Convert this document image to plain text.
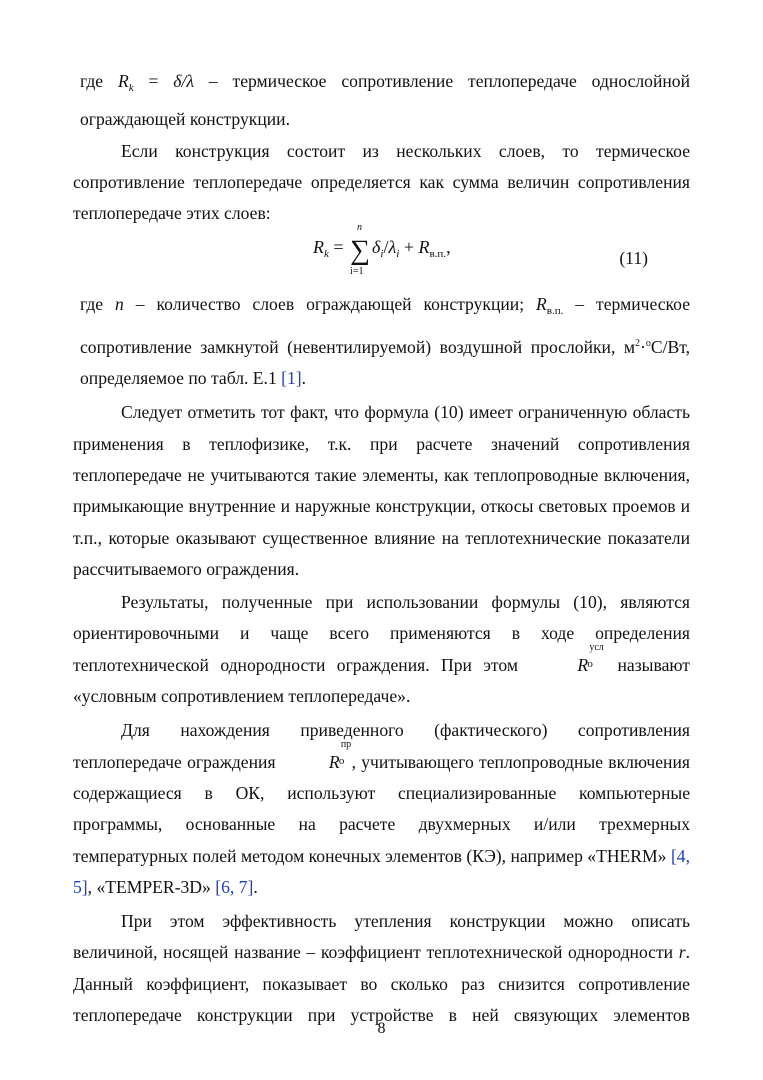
где $R_k = \delta/\lambda$ – термическое сопротивление теплопередаче однослойной ограждающей конструкции.

Если конструкция состоит из нескольких слоев, то термическое сопротивление теплопередаче определяется как сумма величин сопротивления теплопередаче этих слоев:

$R_k$ =
n
∑
i=1
$\delta_i/\lambda_i + R_{в.п.}$,
(11)

где n – количество слоев ограждающей конструкции; $R_{в.п.}$ – термическое сопротивление замкнутой (невентилируемой) воздушной прослойки, $м^2\cdot^оС/Вт$, определяемое по табл. Е.1 [1].

Следует отметить тот факт, что формула (10) имеет ограниченную область применения в теплофизике, т.к. при расчете значений сопротивления теплопередаче не учитываются такие элементы, как теплопроводные включения, примыкающие внутренние и наружные конструкции, откосы световых проемов и т.п., которые оказывают существенное влияние на теплотехнические показатели рассчитываемого ограждения.

Результаты, полученные при использовании формулы (10), являются ориентировочными и чаще всего применяются в ходе определения теплотехнической однородности ограждения. При этом	R
усл
о называют «условным сопротивлением теплопередаче».

Для нахождения приведенного (фактического) сопротивления теплопередаче ограждения	R
пр
о , учитывающего теплопроводные включения содержащиеся в ОК, используют специализированные компьютерные программы, основанные на расчете двухмерных и/или трехмерных температурных полей методом конечных элементов (КЭ), например «THERM» [4, 5], «TEMPER-3D» [6, 7].

При этом эффективность утепления конструкции можно описать величиной, носящей название – коэффициент теплотехнической однородности r. Данный коэффициент, показывает во сколько раз снизится сопротивление теплопередаче конструкции при устройстве в ней связующих элементов

8
